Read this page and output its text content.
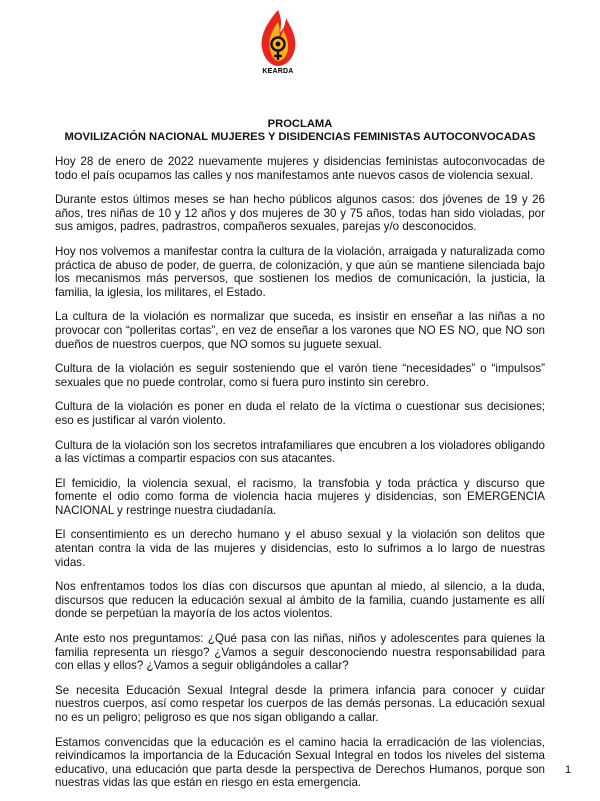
KEARDA
PROCLAMA
MOVILIZACIÓN NACIONAL MUJERES Y DISIDENCIAS FEMINISTAS AUTOCONVOCADAS

Hoy 28 de enero de 2022 nuevamente mujeres y disidencias feministas autoconvocadas de todo el país ocupamos las calles y nos manifestamos ante nuevos casos de violencia sexual.

Durante estos últimos meses se han hecho públicos algunos casos: dos jóvenes de 19 y 26 años, tres niñas de 10 y 12 años y dos mujeres de 30 y 75 años, todas han sido violadas, por sus amigos, padres, padrastros, compañeros sexuales, parejas y/o desconocidos.

Hoy nos volvemos a manifestar contra la cultura de la violación, arraigada y naturalizada como práctica de abuso de poder, de guerra, de colonización, y que aún se mantiene silenciada bajo los mecanismos más perversos, que sostienen los medios de comunicación, la justicia, la familia, la iglesia, los militares, el Estado.

La cultura de la violación es normalizar que suceda, es insistir en enseñar a las niñas a no provocar con “polleritas cortas”, en vez de enseñar a los varones que NO ES NO, que NO son dueños de nuestros cuerpos, que NO somos su juguete sexual.

Cultura de la violación es seguir sosteniendo que el varón tiene “necesidades” o “impulsos” sexuales que no puede controlar, como si fuera puro instinto sin cerebro.

Cultura de la violación es poner en duda el relato de la víctima o cuestionar sus decisiones; eso es justificar al varón violento.

Cultura de la violación son los secretos intrafamiliares que encubren a los violadores obligando a las víctimas a compartir espacios con sus atacantes.

El femicidio, la violencia sexual, el racismo, la transfobia y toda práctica y discurso que fomente el odio como forma de violencia hacia mujeres y disidencias, son EMERGENCIA NACIONAL y restringe nuestra ciudadanía.

El consentimiento es un derecho humano y el abuso sexual y la violación son delitos que atentan contra la vida de las mujeres y disidencias, esto lo sufrimos a lo largo de nuestras vidas.

Nos enfrentamos todos los días con discursos que apuntan al miedo, al silencio, a la duda, discursos que reducen la educación sexual al ámbito de la familia, cuando justamente es allí donde se perpetúan la mayoría de los actos violentos.

Ante esto nos preguntamos: ¿Qué pasa con las niñas, niños y adolescentes para quienes la familia representa un riesgo? ¿Vamos a seguir desconociendo nuestra responsabilidad para con ellas y ellos? ¿Vamos a seguir obligándoles a callar?

Se necesita Educación Sexual Integral desde la primera infancia para conocer y cuidar nuestros cuerpos, así como respetar los cuerpos de las demás personas. La educación sexual no es un peligro; peligroso es que nos sigan obligando a callar.

Estamos convencidas que la educación es el camino hacia la erradicación de las violencias, reivindicamos la importancia de la Educación Sexual Integral en todos los niveles del sistema educativo, una educación que parta desde la perspectiva de Derechos Humanos, porque son nuestras vidas las que están en riesgo en esta emergencia.

1
